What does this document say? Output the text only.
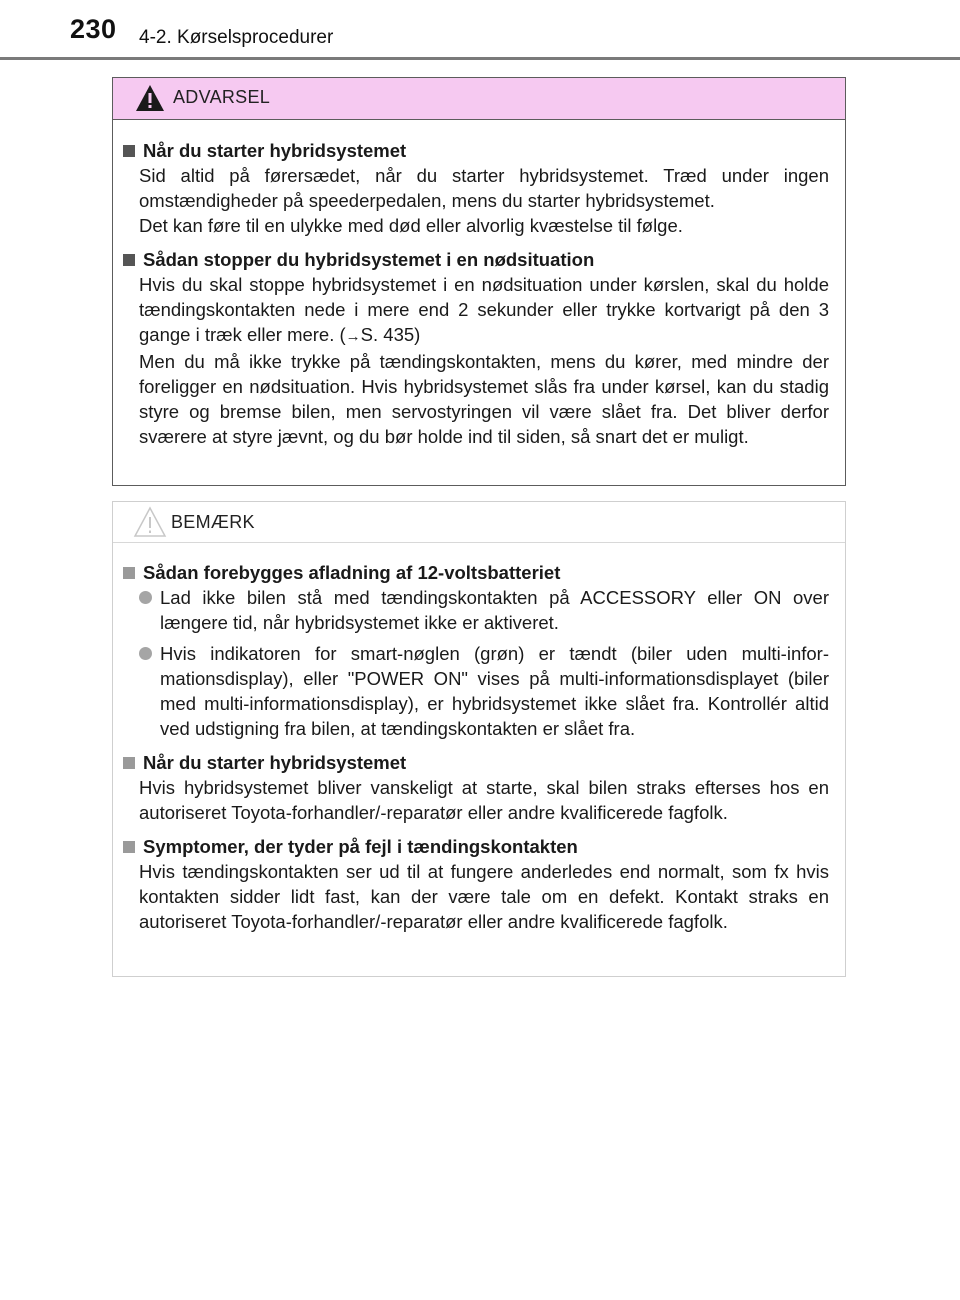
230 4-2. Kørselsprocedurer
ADVARSEL
Når du starter hybridsystemet
Sid altid på førersædet, når du starter hybridsystemet. Træd under ingen omstændigheder på speederpedalen, mens du starter hybridsystemet.
Det kan føre til en ulykke med død eller alvorlig kvæstelse til følge.
Sådan stopper du hybridsystemet i en nødsituation
Hvis du skal stoppe hybridsystemet i en nødsituation under kørslen, skal du holde tændingskontakten nede i mere end 2 sekunder eller trykke kortvarigt på den 3 gange i træk eller mere. (→S. 435)
Men du må ikke trykke på tændingskontakten, mens du kører, med mindre der foreligger en nødsituation. Hvis hybridsystemet slås fra under kørsel, kan du stadig styre og bremse bilen, men servostyringen vil være slået fra. Det bliver derfor sværere at styre jævnt, og du bør holde ind til siden, så snart det er muligt.
BEMÆRK
Sådan forebygges afladning af 12-voltsbatteriet
Lad ikke bilen stå med tændingskontakten på ACCESSORY eller ON over længere tid, når hybridsystemet ikke er aktiveret.
Hvis indikatoren for smart-nøglen (grøn) er tændt (biler uden multi-infor-mationsdisplay), eller "POWER ON" vises på multi-informationsdisplayet (biler med multi-informationsdisplay), er hybridsystemet ikke slået fra. Kontrollér altid ved udstigning fra bilen, at tændingskontakten er slået fra.
Når du starter hybridsystemet
Hvis hybridsystemet bliver vanskeligt at starte, skal bilen straks efterses hos en autoriseret Toyota-forhandler/-reparatør eller andre kvalificerede fagfolk.
Symptomer, der tyder på fejl i tændingskontakten
Hvis tændingskontakten ser ud til at fungere anderledes end normalt, som fx hvis kontakten sidder lidt fast, kan der være tale om en defekt. Kontakt straks en autoriseret Toyota-forhandler/-reparatør eller andre kvalificerede fagfolk.
